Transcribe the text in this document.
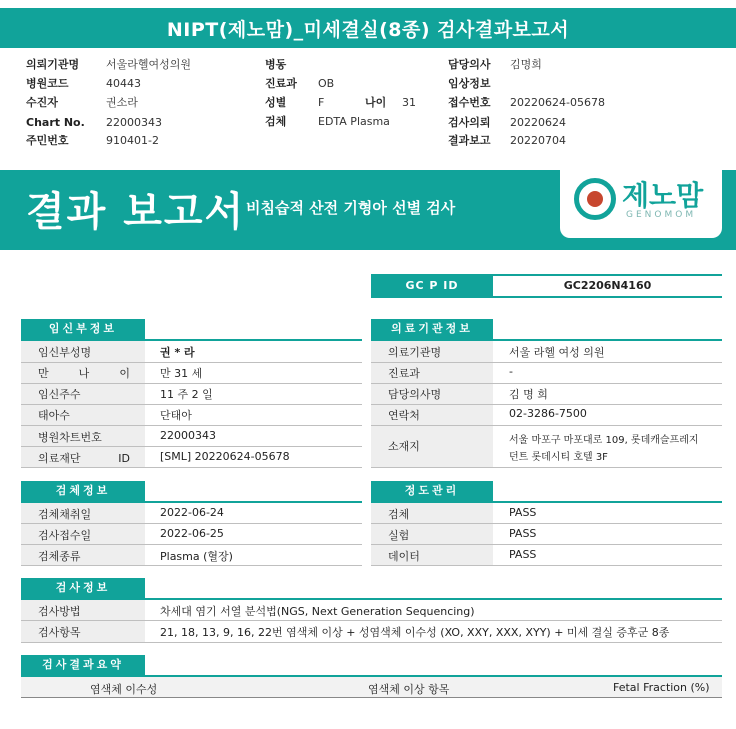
NIPT(제노맘)_미세결실(8종) 검사결과보고서
의뢰기관명 서울라헬여성의원
병원코드	40443
수진자	권소라
Chart No. 22000343
주민번호	910401-2
병동
진료과 OB
성별	F	나이 31
검체	EDTA Plasma
담당의사 김명희
임상정보
접수번호 20220624-05678
검사의뢰 20220624
결과보고 20220704
결과 보고서 비침습적 산전 기형아 선별 검사	제노맘
GENOMOM
GC P ID	GC2206N4160
임신부정보	의료기관정보
임신부성명	권 * 라
만 나 이	만 31 세
임신주수	11 주 2 일
태아수	단태아
병원차트번호	22000343
의료재단 ID	[SML] 20220624-05678
의료기관명	서울 라헬 여성 의원
진료과	-
담당의사명	김 명 희
연락처	02-3286-7500
소재지	서울 마포구 마포대로 109, 롯데캐슬프레지
던트 롯데시티 호텔 3F
검체정보
검체채취일	2022-06-24
검사접수일	2022-06-25
검체종류	Plasma (혈장)
정도관리
검체	PASS
실험	PASS
데이터	PASS
검사정보
검사방법	차세대 염기 서열 분석법(NGS, Next Generation Sequencing)
검사항목	21, 18, 13, 9, 16, 22번 염색체 이상 + 성염색체 이수성 (XO, XXY, XXX, XYY) + 미세 결실 증후군 8종
검사결과요약
염색체 이수성	염색체 이상 항목	Fetal Fraction (%)
